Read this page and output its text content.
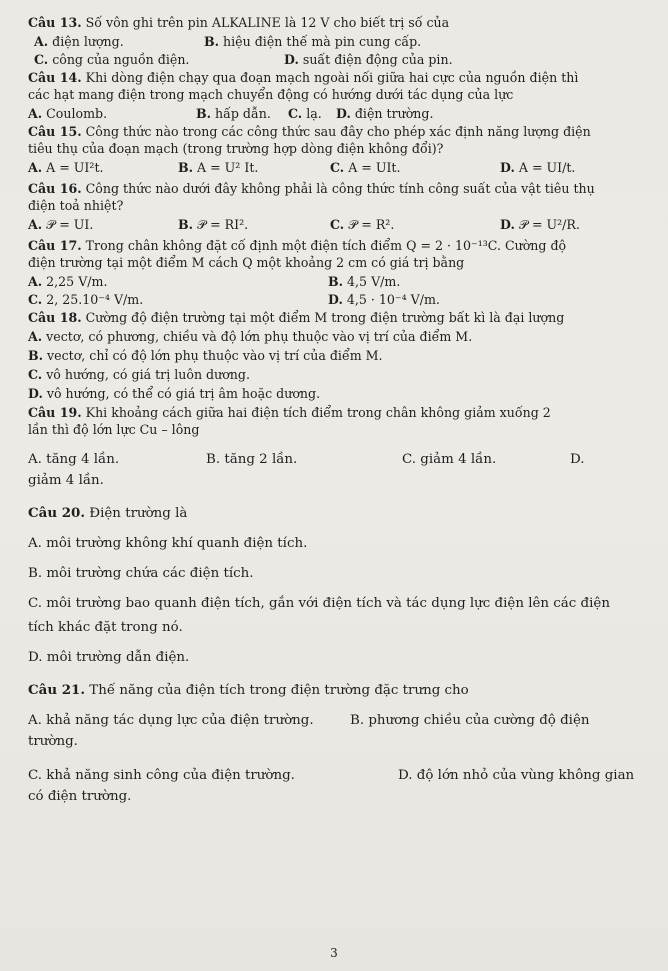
Câu 13. Số vôn ghi trên pin ALKALINE là 12 V cho biết trị số của
A. điện lượng.	B. hiệu điện thế mà pin cung cấp.
C. công của nguồn điện.	D. suất điện động của pin.
Câu 14. Khi dòng điện chạy qua đoạn mạch ngoài nối giữa hai cực của nguồn điện thì
các hạt mang điện trong mạch chuyển động có hướng dưới tác dụng của lực
A. Coulomb.	B. hấp dẫn.	C. lạ.	D. điện trường.
Câu 15. Công thức nào trong các công thức sau đây cho phép xác định năng lượng điện
tiêu thụ của đoạn mạch (trong trường hợp dòng điện không đổi)?
A. A = UI²t.	B. A = U² It.	C. A = UIt.	D. A = UI/t.
Câu 16. Công thức nào dưới đây không phải là công thức tính công suất của vật tiêu thụ
điện toả nhiệt?
A. 𝒫 = UI.	B. 𝒫 = RI².	C. 𝒫 = R².	D. 𝒫 = U²/R.
Câu 17. Trong chân không đặt cố định một điện tích điểm Q = 2 · 10⁻¹³C. Cường độ
điện trường tại một điểm M cách Q một khoảng 2 cm có giá trị bằng
A. 2,25 V/m.	B. 4,5 V/m.
C. 2, 25.10⁻⁴ V/m.	D. 4,5 · 10⁻⁴ V/m.
Câu 18. Cường độ điện trường tại một điểm M trong điện trường bất kì là đại lượng
A. vectơ, có phương, chiều và độ lớn phụ thuộc vào vị trí của điểm M.
B. vectơ, chỉ có độ lớn phụ thuộc vào vị trí của điểm M.
C. vô hướng, có giá trị luôn dương.
D. vô hướng, có thể có giá trị âm hoặc dương.
Câu 19. Khi khoảng cách giữa hai điện tích điểm trong chân không giảm xuống 2
lần thì độ lớn lực Cu – lông
A. tăng 4 lần.	B. tăng 2 lần.	C. giảm 4 lần.	D.
giảm 4 lần.
Câu 20. Điện trường là
A. môi trường không khí quanh điện tích.
B. môi trường chứa các điện tích.
C. môi trường bao quanh điện tích, gắn với điện tích và tác dụng lực điện lên các điện
tích khác đặt trong nó.
D. môi trường dẫn điện.
Câu 21. Thế năng của điện tích trong điện trường đặc trưng cho
A. khả năng tác dụng lực của điện trường.	B. phương chiều của cường độ điện
trường.
C. khả năng sinh công của điện trường.	D. độ lớn nhỏ của vùng không gian
có điện trường.
3
